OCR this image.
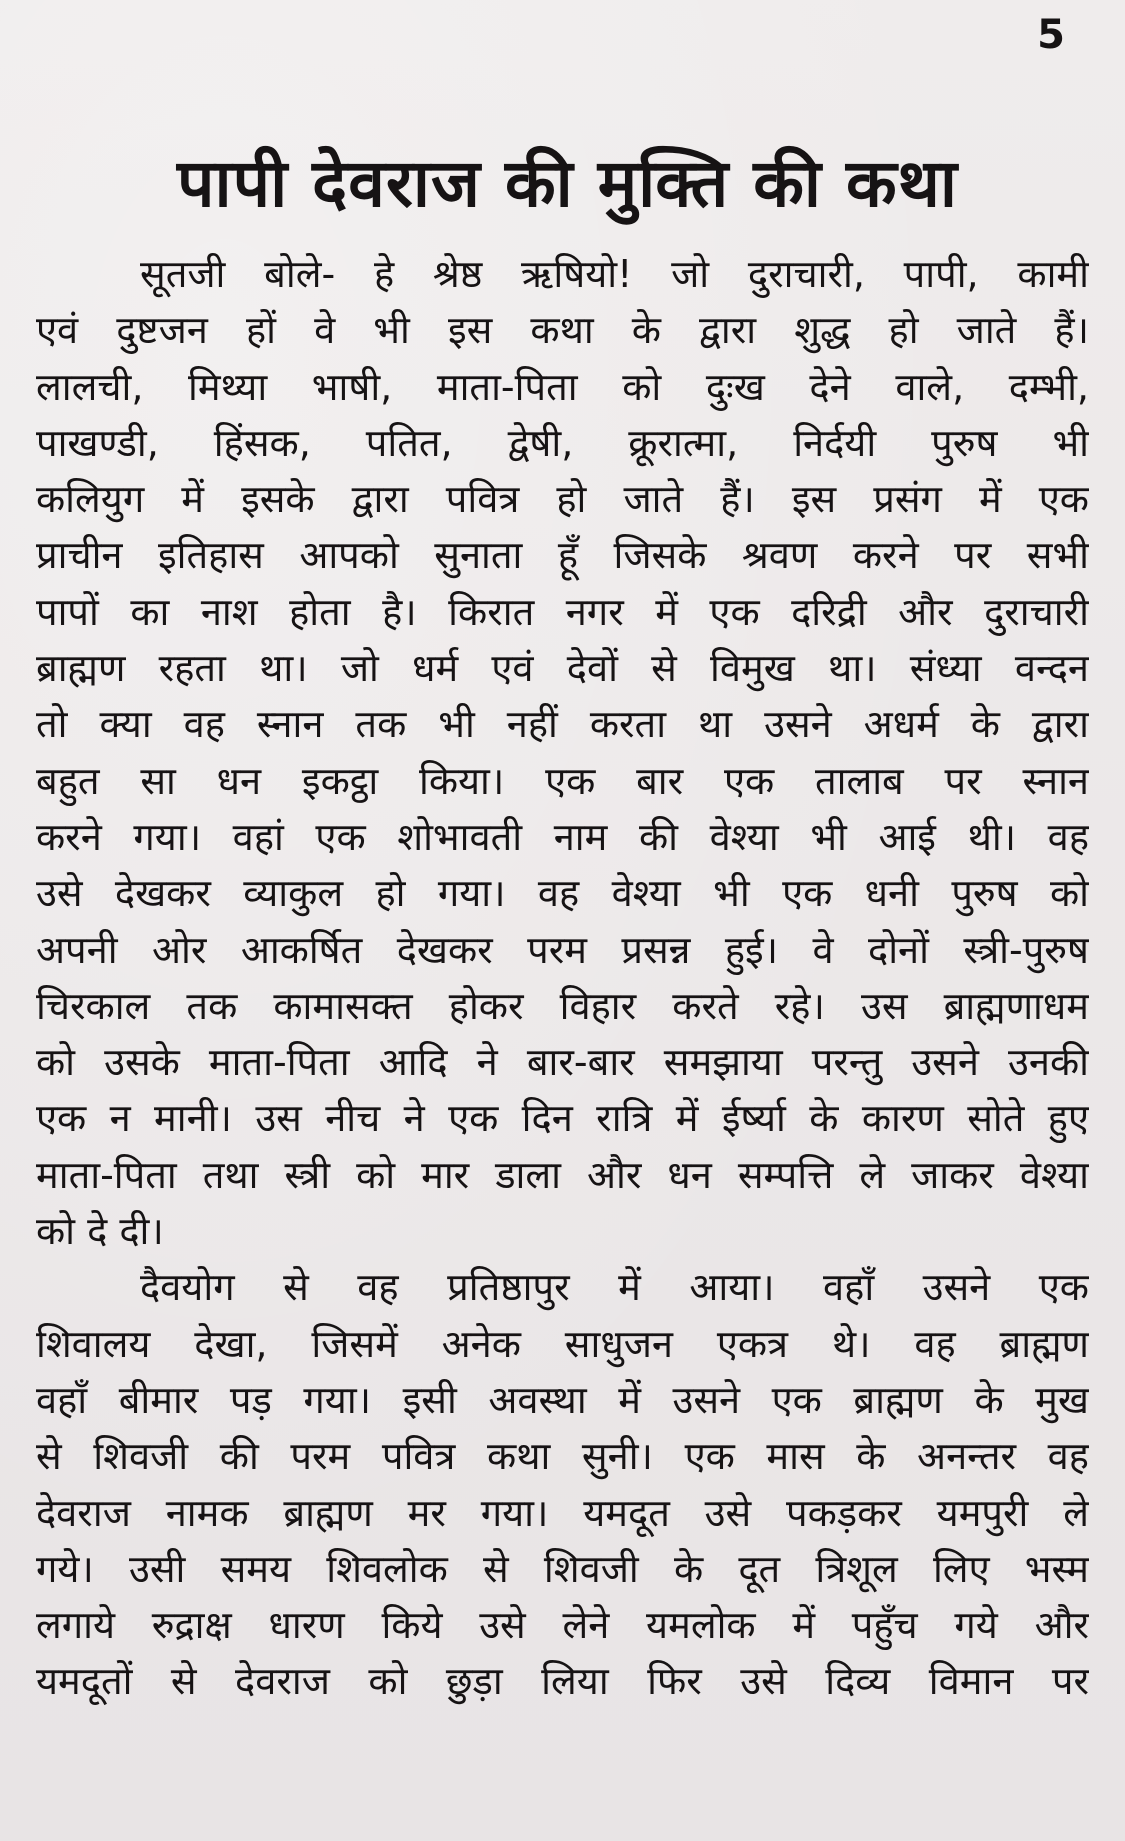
5
पापी देवराज की मुक्ति की कथा
सूतजी बोले- हे श्रेष्ठ ऋषियो! जो दुराचारी, पापी, कामी
एवं दुष्टजन हों वे भी इस कथा के द्वारा शुद्ध हो जाते हैं।
लालची, मिथ्या भाषी, माता-पिता को दुःख देने वाले, दम्भी,
पाखण्डी, हिंसक, पतित, द्वेषी, क्रूरात्मा, निर्दयी पुरुष भी
कलियुग में इसके द्वारा पवित्र हो जाते हैं। इस प्रसंग में एक
प्राचीन इतिहास आपको सुनाता हूँ जिसके श्रवण करने पर सभी
पापों का नाश होता है। किरात नगर में एक दरिद्री और दुराचारी
ब्राह्मण रहता था। जो धर्म एवं देवों से विमुख था। संध्या वन्दन
तो क्या वह स्नान तक भी नहीं करता था उसने अधर्म के द्वारा
बहुत सा धन इकट्ठा किया। एक बार एक तालाब पर स्नान
करने गया। वहां एक शोभावती नाम की वेश्या भी आई थी। वह
उसे देखकर व्याकुल हो गया। वह वेश्या भी एक धनी पुरुष को
अपनी ओर आकर्षित देखकर परम प्रसन्न हुई। वे दोनों स्त्री-पुरुष
चिरकाल तक कामासक्त होकर विहार करते रहे। उस ब्राह्मणाधम
को उसके माता-पिता आदि ने बार-बार समझाया परन्तु उसने उनकी
एक न मानी। उस नीच ने एक दिन रात्रि में ईर्ष्या के कारण सोते हुए
माता-पिता तथा स्त्री को मार डाला और धन सम्पत्ति ले जाकर वेश्या
को दे दी।
दैवयोग से वह प्रतिष्ठापुर में आया। वहाँ उसने एक
शिवालय देखा, जिसमें अनेक साधुजन एकत्र थे। वह ब्राह्मण
वहाँ बीमार पड़ गया। इसी अवस्था में उसने एक ब्राह्मण के मुख
से शिवजी की परम पवित्र कथा सुनी। एक मास के अनन्तर वह
देवराज नामक ब्राह्मण मर गया। यमदूत उसे पकड़कर यमपुरी ले
गये। उसी समय शिवलोक से शिवजी के दूत त्रिशूल लिए भस्म
लगाये रुद्राक्ष धारण किये उसे लेने यमलोक में पहुँच गये और
यमदूतों से देवराज को छुड़ा लिया फिर उसे दिव्य विमान पर
